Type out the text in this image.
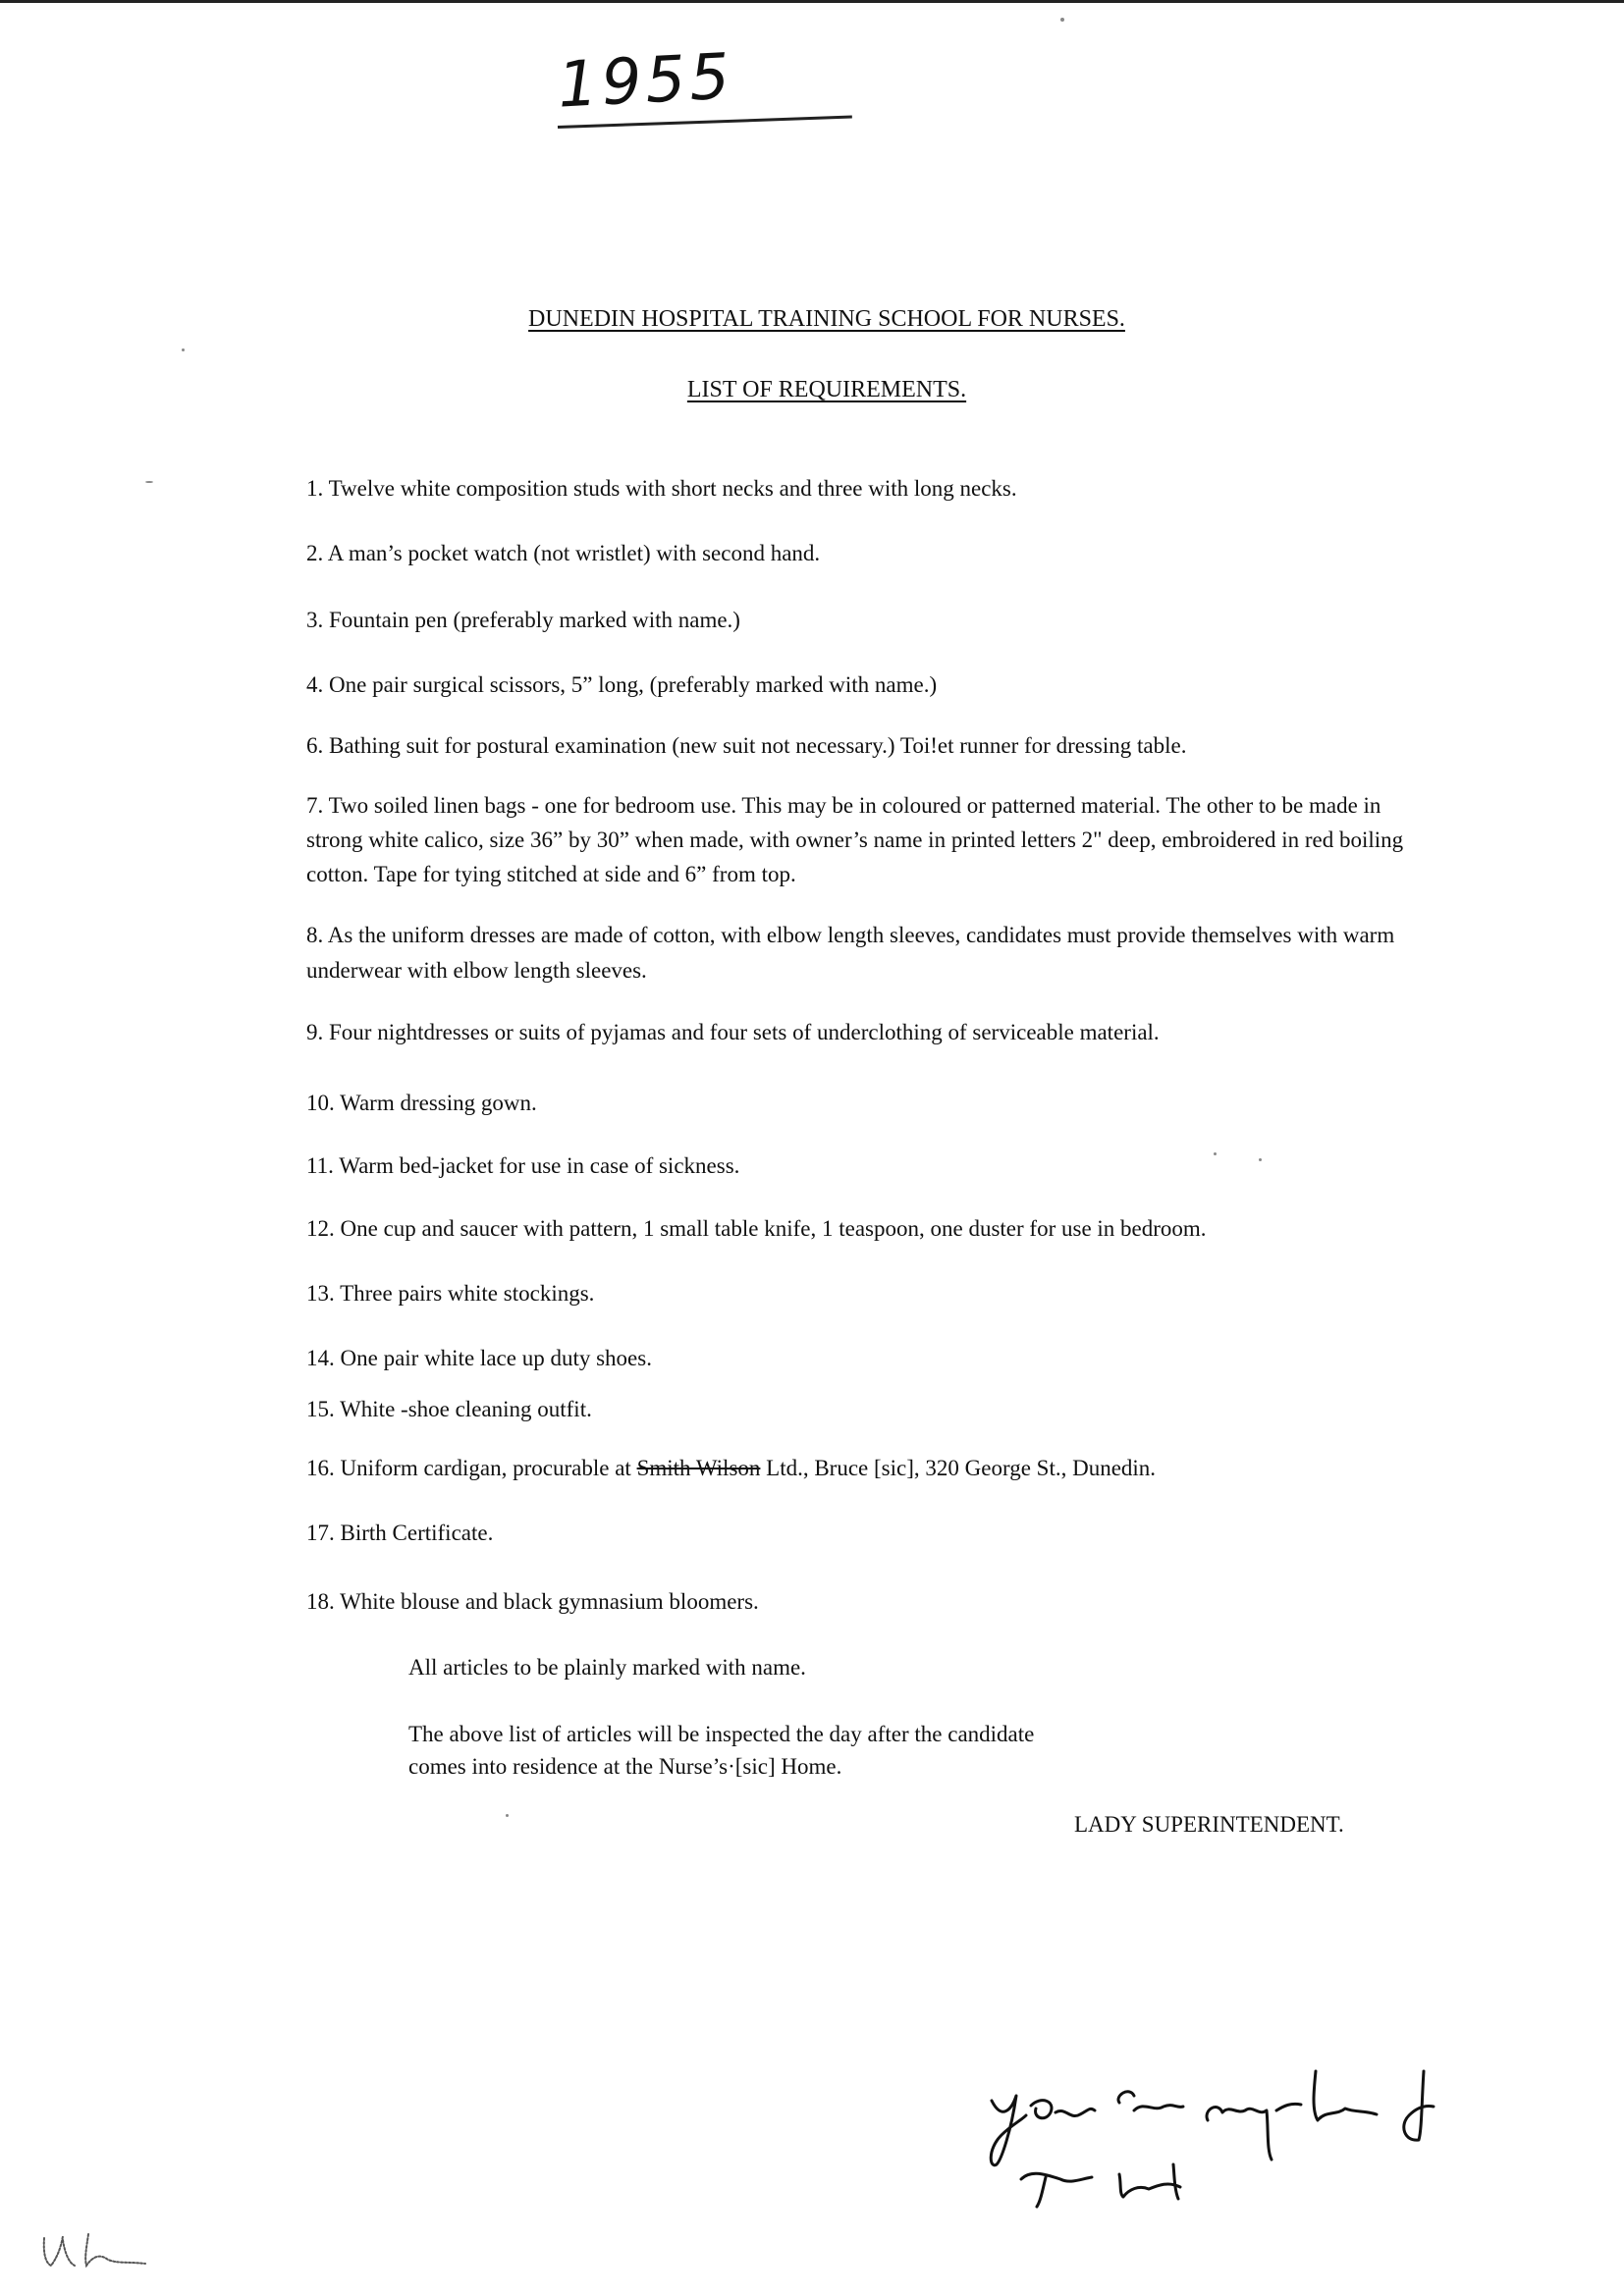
1955
DUNEDIN HOSPITAL TRAINING SCHOOL FOR NURSES.
LIST OF REQUIREMENTS.
1. Twelve white composition studs with short necks and three with long necks.
2. A man’s pocket watch (not wristlet) with second hand.
3. Fountain pen (preferably marked with name.)
4. One pair surgical scissors, 5” long, (preferably marked with name.)
6. Bathing suit for postural examination (new suit not necessary.) Toi!et runner for dressing table.
7. Two soiled linen bags - one for bedroom use. This may be in coloured or patterned material. The other to be made in strong white calico, size 36” by 30” when made, with owner’s name in printed letters 2" deep, embroidered in red boiling cotton. Tape for tying stitched at side and 6” from top.
8. As the uniform dresses are made of cotton, with elbow length sleeves, candidates must provide themselves with warm underwear with elbow length sleeves.
9. Four nightdresses or suits of pyjamas and four sets of underclothing of serviceable material.
10. Warm dressing gown.
11. Warm bed-jacket for use in case of sickness.
12. One cup and saucer with pattern, 1 small table knife, 1 teaspoon, one duster for use in bedroom.
13. Three pairs white stockings.
14. One pair white lace up duty shoes.
15. White -shoe cleaning outfit.
16. Uniform cardigan, procurable at Smith Wilson Ltd., Bruce [sic], 320 George St., Dunedin.
17. Birth Certificate.
18. White blouse and black gymnasium bloomers.
All articles to be plainly marked with name.
The above list of articles will be inspected the day after the candidate comes into residence at the Nurse’s·[sic] Home.
LADY SUPERINTENDENT.
